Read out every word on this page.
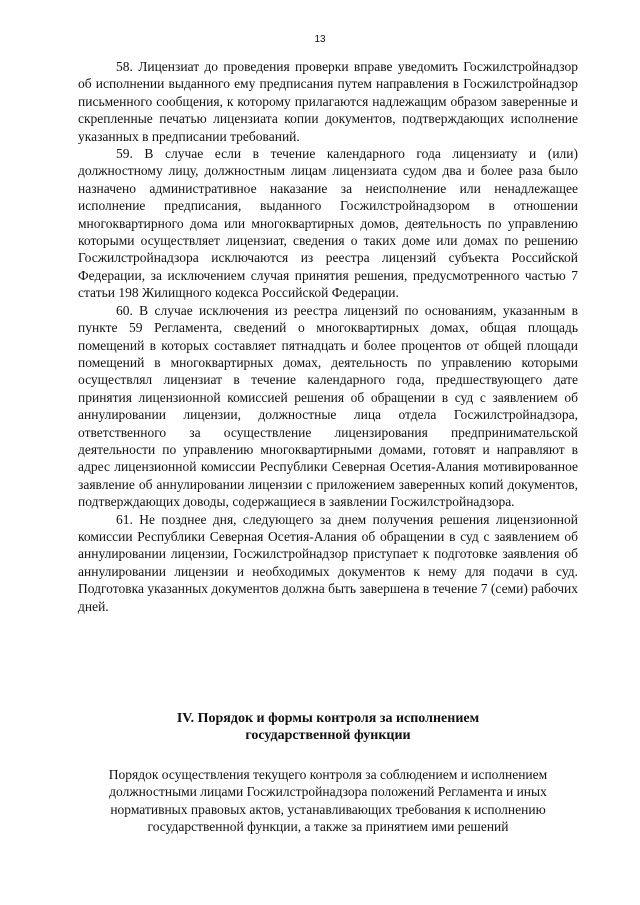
13

58. Лицензиат до проведения проверки вправе уведомить Госжилстройнадзор об исполнении выданного ему предписания путем направления в Госжилстройнадзор письменного сообщения, к которому прилагаются надлежащим образом заверенные и скрепленные печатью лицензиата копии документов, подтверждающих исполнение указанных в предписании требований.

59. В случае если в течение календарного года лицензиату и (или) должностному лицу, должностным лицам лицензиата судом два и более раза было назначено административное наказание за неисполнение или ненадлежащее исполнение предписания, выданного Госжилстройнадзором в отношении многоквартирного дома или многоквартирных домов, деятельность по управлению которыми осуществляет лицензиат, сведения о таких доме или домах по решению Госжилстройнадзора исключаются из реестра лицензий субъекта Российской Федерации, за исключением случая принятия решения, предусмотренного частью 7 статьи 198 Жилищного кодекса Российской Федерации.

60. В случае исключения из реестра лицензий по основаниям, указанным в пункте 59 Регламента, сведений о многоквартирных домах, общая площадь помещений в которых составляет пятнадцать и более процентов от общей площади помещений в многоквартирных домах, деятельность по управлению которыми осуществлял лицензиат в течение календарного года, предшествующего дате принятия лицензионной комиссией решения об обращении в суд с заявлением об аннулировании лицензии, должностные лица отдела Госжилстройнадзора, ответственного за осуществление лицензирования предпринимательской деятельности по управлению многоквартирными домами, готовят и направляют в адрес лицензионной комиссии Республики Северная Осетия-Алания мотивированное заявление об аннулировании лицензии с приложением заверенных копий документов, подтверждающих доводы, содержащиеся в заявлении Госжилстройнадзора.

61. Не позднее дня, следующего за днем получения решения лицензионной комиссии Республики Северная Осетия-Алания об обращении в суд с заявлением об аннулировании лицензии, Госжилстройнадзор приступает к подготовке заявления об аннулировании лицензии и необходимых документов к нему для подачи в суд. Подготовка указанных документов должна быть завершена в течение 7 (семи) рабочих дней.

IV. Порядок и формы контроля за исполнением
государственной функции

Порядок осуществления текущего контроля за соблюдением и исполнением должностными лицами Госжилстройнадзора положений Регламента и иных нормативных правовых актов, устанавливающих требования к исполнению государственной функции, а также за принятием ими решений
